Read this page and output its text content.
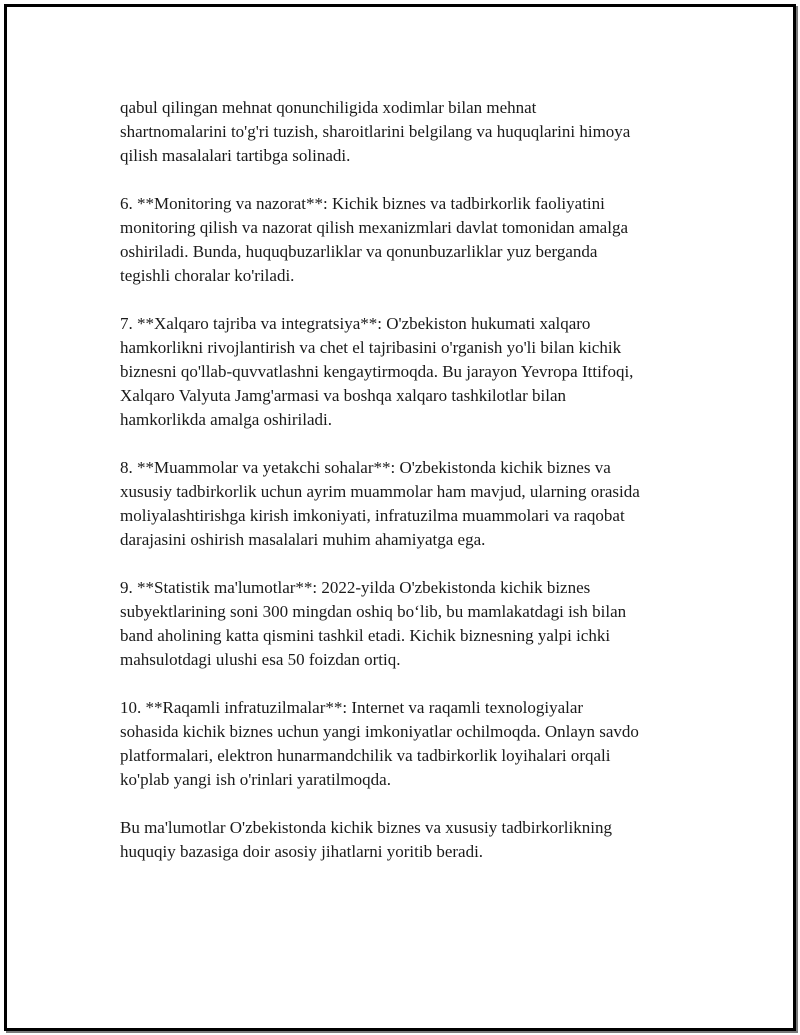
qabul qilingan mehnat qonunchiligida xodimlar bilan mehnat
shartnomalarini to'g'ri tuzish, sharoitlarini belgilang va huquqlarini himoya
qilish masalalari tartibga solinadi.

6. **Monitoring va nazorat**: Kichik biznes va tadbirkorlik faoliyatini
monitoring qilish va nazorat qilish mexanizmlari davlat tomonidan amalga
oshiriladi. Bunda, huquqbuzarliklar va qonunbuzarliklar yuz berganda
tegishli choralar ko'riladi.

7. **Xalqaro tajriba va integratsiya**: O'zbekiston hukumati xalqaro
hamkorlikni rivojlantirish va chet el tajribasini o'rganish yo'li bilan kichik
biznesni qo'llab-quvvatlashni kengaytirmoqda. Bu jarayon Yevropa Ittifoqi,
Xalqaro Valyuta Jamg'armasi va boshqa xalqaro tashkilotlar bilan
hamkorlikda amalga oshiriladi.

8. **Muammolar va yetakchi sohalar**: O'zbekistonda kichik biznes va
xususiy tadbirkorlik uchun ayrim muammolar ham mavjud, ularning orasida
moliyalashtirishga kirish imkoniyati, infratuzilma muammolari va raqobat
darajasini oshirish masalalari muhim ahamiyatga ega.

9. **Statistik ma'lumotlar**: 2022-yilda O'zbekistonda kichik biznes
subyektlarining soni 300 mingdan oshiq bo‘lib, bu mamlakatdagi ish bilan
band aholining katta qismini tashkil etadi. Kichik biznesning yalpi ichki
mahsulotdagi ulushi esa 50 foizdan ortiq.

10. **Raqamli infratuzilmalar**: Internet va raqamli texnologiyalar
sohasida kichik biznes uchun yangi imkoniyatlar ochilmoqda. Onlayn savdo
platformalari, elektron hunarmandchilik va tadbirkorlik loyihalari orqali
ko'plab yangi ish o'rinlari yaratilmoqda.

Bu ma'lumotlar O'zbekistonda kichik biznes va xususiy tadbirkorlikning
huquqiy bazasiga doir asosiy jihatlarni yoritib beradi.
